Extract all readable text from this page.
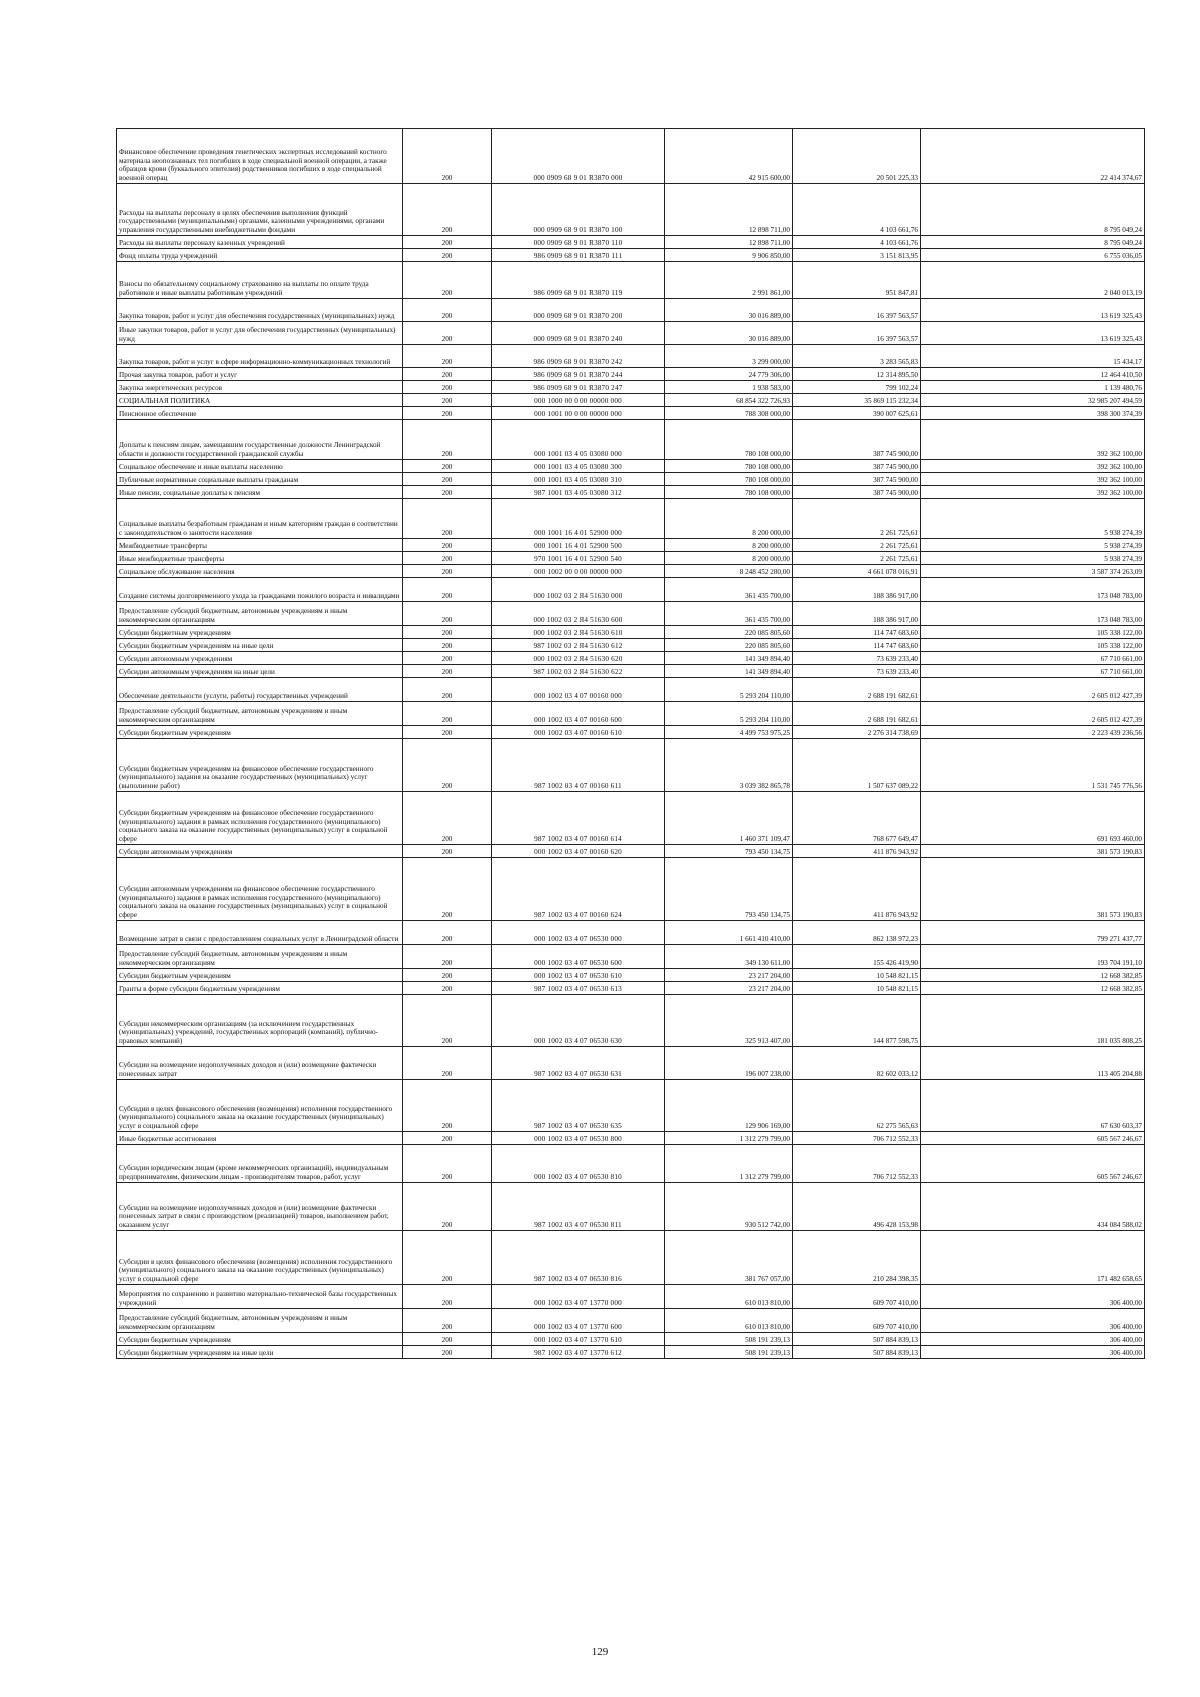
Финансовое обеспечение проведения генетических экспертных исследований костного материала неопознанных тел погибших в ходе специальной военной операции, а также образцов крови (буккального эпителия) родственников погибших в ходе специальной военной операц	200	000 0909 68 9 01 R3870 000	42 915 600,00	20 501 225,33	22 414 374,67
Расходы на выплаты персоналу в целях обеспечения выполнения функций государственными (муниципальными) органами, казенными учреждениями, органами управления государственными внебюджетными фондами	200	000 0909 68 9 01 R3870 100	12 898 711,00	4 103 661,76	8 795 049,24
Расходы на выплаты персоналу казенных учреждений	200	000 0909 68 9 01 R3870 110	12 898 711,00	4 103 661,76	8 795 049,24
Фонд оплаты труда учреждений	200	986 0909 68 9 01 R3870 111	9 906 850,00	3 151 813,95	6 755 036,05
Взносы по обязательному социальному страхованию на выплаты по оплате труда работников и иные выплаты работникам учреждений	200	986 0909 68 9 01 R3870 119	2 991 861,00	951 847,81	2 040 013,19
Закупка товаров, работ и услуг для обеспечения государственных (муниципальных) нужд	200	000 0909 68 9 01 R3870 200	30 016 889,00	16 397 563,57	13 619 325,43
Иные закупки товаров, работ и услуг для обеспечения государственных (муниципальных) нужд	200	000 0909 68 9 01 R3870 240	30 016 889,00	16 397 563,57	13 619 325,43
Закупка товаров, работ и услуг в сфере информационно-коммуникационных технологий	200	986 0909 68 9 01 R3870 242	3 299 000,00	3 283 565,83	15 434,17
Прочая закупка товаров, работ и услуг	200	986 0909 68 9 01 R3870 244	24 779 306,00	12 314 895,50	12 464 410,50
Закупка энергетических ресурсов	200	986 0909 68 9 01 R3870 247	1 938 583,00	799 102,24	1 139 480,76
СОЦИАЛЬНАЯ ПОЛИТИКА	200	000 1000 00 0 00 00000 000	68 854 322 726,93	35 869 115 232,34	32 985 207 494,59
Пенсионное обеспечение	200	000 1001 00 0 00 00000 000	788 308 000,00	390 007 625,61	398 300 374,39
Доплаты к пенсиям лицам, замещавшим государственные должности Ленинградской области и должности государственной гражданской службы	200	000 1001 03 4 05 03080 000	780 108 000,00	387 745 900,00	392 362 100,00
Социальное обеспечение и иные выплаты населению	200	000 1001 03 4 05 03080 300	780 108 000,00	387 745 900,00	392 362 100,00
Публичные нормативные социальные выплаты гражданам	200	000 1001 03 4 05 03080 310	780 108 000,00	387 745 900,00	392 362 100,00
Иные пенсии, социальные доплаты к пенсиям	200	987 1001 03 4 05 03080 312	780 108 000,00	387 745 900,00	392 362 100,00
Социальные выплаты безработным гражданам и иным категориям граждан в соответствии с законодательством о занятости населения	200	000 1001 16 4 01 52900 000	8 200 000,00	2 261 725,61	5 938 274,39
Межбюджетные трансферты	200	000 1001 16 4 01 52900 500	8 200 000,00	2 261 725,61	5 938 274,39
Иные межбюджетные трансферты	200	970 1001 16 4 01 52900 540	8 200 000,00	2 261 725,61	5 938 274,39
Социальное обслуживание населения	200	000 1002 00 0 00 00000 000	8 248 452 280,00	4 661 078 016,91	3 587 374 263,09
Создание системы долговременного ухода за гражданами пожилого возраста и инвалидами	200	000 1002 03 2 Я4 51630 000	361 435 700,00	188 386 917,00	173 048 783,00
Предоставление субсидий бюджетным, автономным учреждениям и иным некоммерческим организациям	200	000 1002 03 2 Я4 51630 600	361 435 700,00	188 386 917,00	173 048 783,00
Субсидии бюджетным учреждениям	200	000 1002 03 2 Я4 51630 610	220 085 805,60	114 747 683,60	105 338 122,00
Субсидии бюджетным учреждениям на иные цели	200	987 1002 03 2 Я4 51630 612	220 085 805,60	114 747 683,60	105 338 122,00
Субсидии автономным учреждениям	200	000 1002 03 2 Я4 51630 620	141 349 894,40	73 639 233,40	67 710 661,00
Субсидии автономным учреждениям на иные цели	200	987 1002 03 2 Я4 51630 622	141 349 894,40	73 639 233,40	67 710 661,00
Обеспечение деятельности (услуги, работы) государственных учреждений	200	000 1002 03 4 07 00160 000	5 293 204 110,00	2 688 191 682,61	2 605 012 427,39
Предоставление субсидий бюджетным, автономным учреждениям и иным некоммерческим организациям	200	000 1002 03 4 07 00160 600	5 293 204 110,00	2 688 191 682,61	2 605 012 427,39
Субсидии бюджетным учреждениям	200	000 1002 03 4 07 00160 610	4 499 753 975,25	2 276 314 738,69	2 223 439 236,56
Субсидии бюджетным учреждениям на финансовое обеспечение государственного (муниципального) задания на оказание государственных (муниципальных) услуг (выполнение работ)	200	987 1002 03 4 07 00160 611	3 039 382 865,78	1 507 637 089,22	1 531 745 776,56
Субсидии бюджетным учреждениям на финансовое обеспечение государственного (муниципального) задания в рамках исполнения государственного (муниципального) социального заказа на оказание государственных (муниципальных) услуг в социальной сфере	200	987 1002 03 4 07 00160 614	1 460 371 109,47	768 677 649,47	691 693 460,00
Субсидии автономным учреждениям	200	000 1002 03 4 07 00160 620	793 450 134,75	411 876 943,92	381 573 190,83
Субсидии автономным учреждениям на финансовое обеспечение государственного (муниципального) задания в рамках исполнения государственного (муниципального) социального заказа на оказание государственных (муниципальных) услуг в социальной сфере	200	987 1002 03 4 07 00160 624	793 450 134,75	411 876 943,92	381 573 190,83
Возмещение затрат в связи с предоставлением социальных услуг в Ленинградской области	200	000 1002 03 4 07 06530 000	1 661 410 410,00	862 138 972,23	799 271 437,77
Предоставление субсидий бюджетным, автономным учреждениям и иным некоммерческим организациям	200	000 1002 03 4 07 06530 600	349 130 611,00	155 426 419,90	193 704 191,10
Субсидии бюджетным учреждениям	200	000 1002 03 4 07 06530 610	23 217 204,00	10 548 821,15	12 668 382,85
Гранты в форме субсидии бюджетным учреждениям	200	987 1002 03 4 07 06530 613	23 217 204,00	10 548 821,15	12 668 382,85
Субсидии некоммерческим организациям (за исключением государственных (муниципальных) учреждений, государственных корпораций (компаний), публично-правовых компаний)	200	000 1002 03 4 07 06530 630	325 913 407,00	144 877 598,75	181 035 808,25
Субсидии на возмещение недополученных доходов и (или) возмещение фактически понесенных затрат	200	987 1002 03 4 07 06530 631	196 007 238,00	82 602 033,12	113 405 204,88
Субсидии в целях финансового обеспечения (возмещения) исполнения государственного (муниципального) социального заказа на оказание государственных (муниципальных) услуг в социальной сфере	200	987 1002 03 4 07 06530 635	129 906 169,00	62 275 565,63	67 630 603,37
Иные бюджетные ассигнования	200	000 1002 03 4 07 06530 800	1 312 279 799,00	706 712 552,33	605 567 246,67
Субсидии юридическим лицам (кроме некоммерческих организаций), индивидуальным предпринимателям, физическим лицам - производителям товаров, работ, услуг	200	000 1002 03 4 07 06530 810	1 312 279 799,00	706 712 552,33	605 567 246,67
Субсидии на возмещение недополученных доходов и (или) возмещение фактически понесенных затрат в связи с производством (реализацией) товаров, выполнением работ, оказанием услуг	200	987 1002 03 4 07 06530 811	930 512 742,00	496 428 153,98	434 084 588,02
Субсидии в целях финансового обеспечения (возмещения) исполнения государственного (муниципального) социального заказа на оказание государственных (муниципальных) услуг в социальной сфере	200	987 1002 03 4 07 06530 816	381 767 057,00	210 284 398,35	171 482 658,65
Мероприятия по сохранению и развитию материально-технической базы государственных учреждений	200	000 1002 03 4 07 13770 000	610 013 810,00	609 707 410,00	306 400,00
Предоставление субсидий бюджетным, автономным учреждениям и иным некоммерческим организациям	200	000 1002 03 4 07 13770 600	610 013 810,00	609 707 410,00	306 400,00
Субсидии бюджетным учреждениям	200	000 1002 03 4 07 13770 610	508 191 239,13	507 884 839,13	306 400,00
Субсидии бюджетным учреждениям на иные цели	200	987 1002 03 4 07 13770 612	508 191 239,13	507 884 839,13	306 400,00
129
